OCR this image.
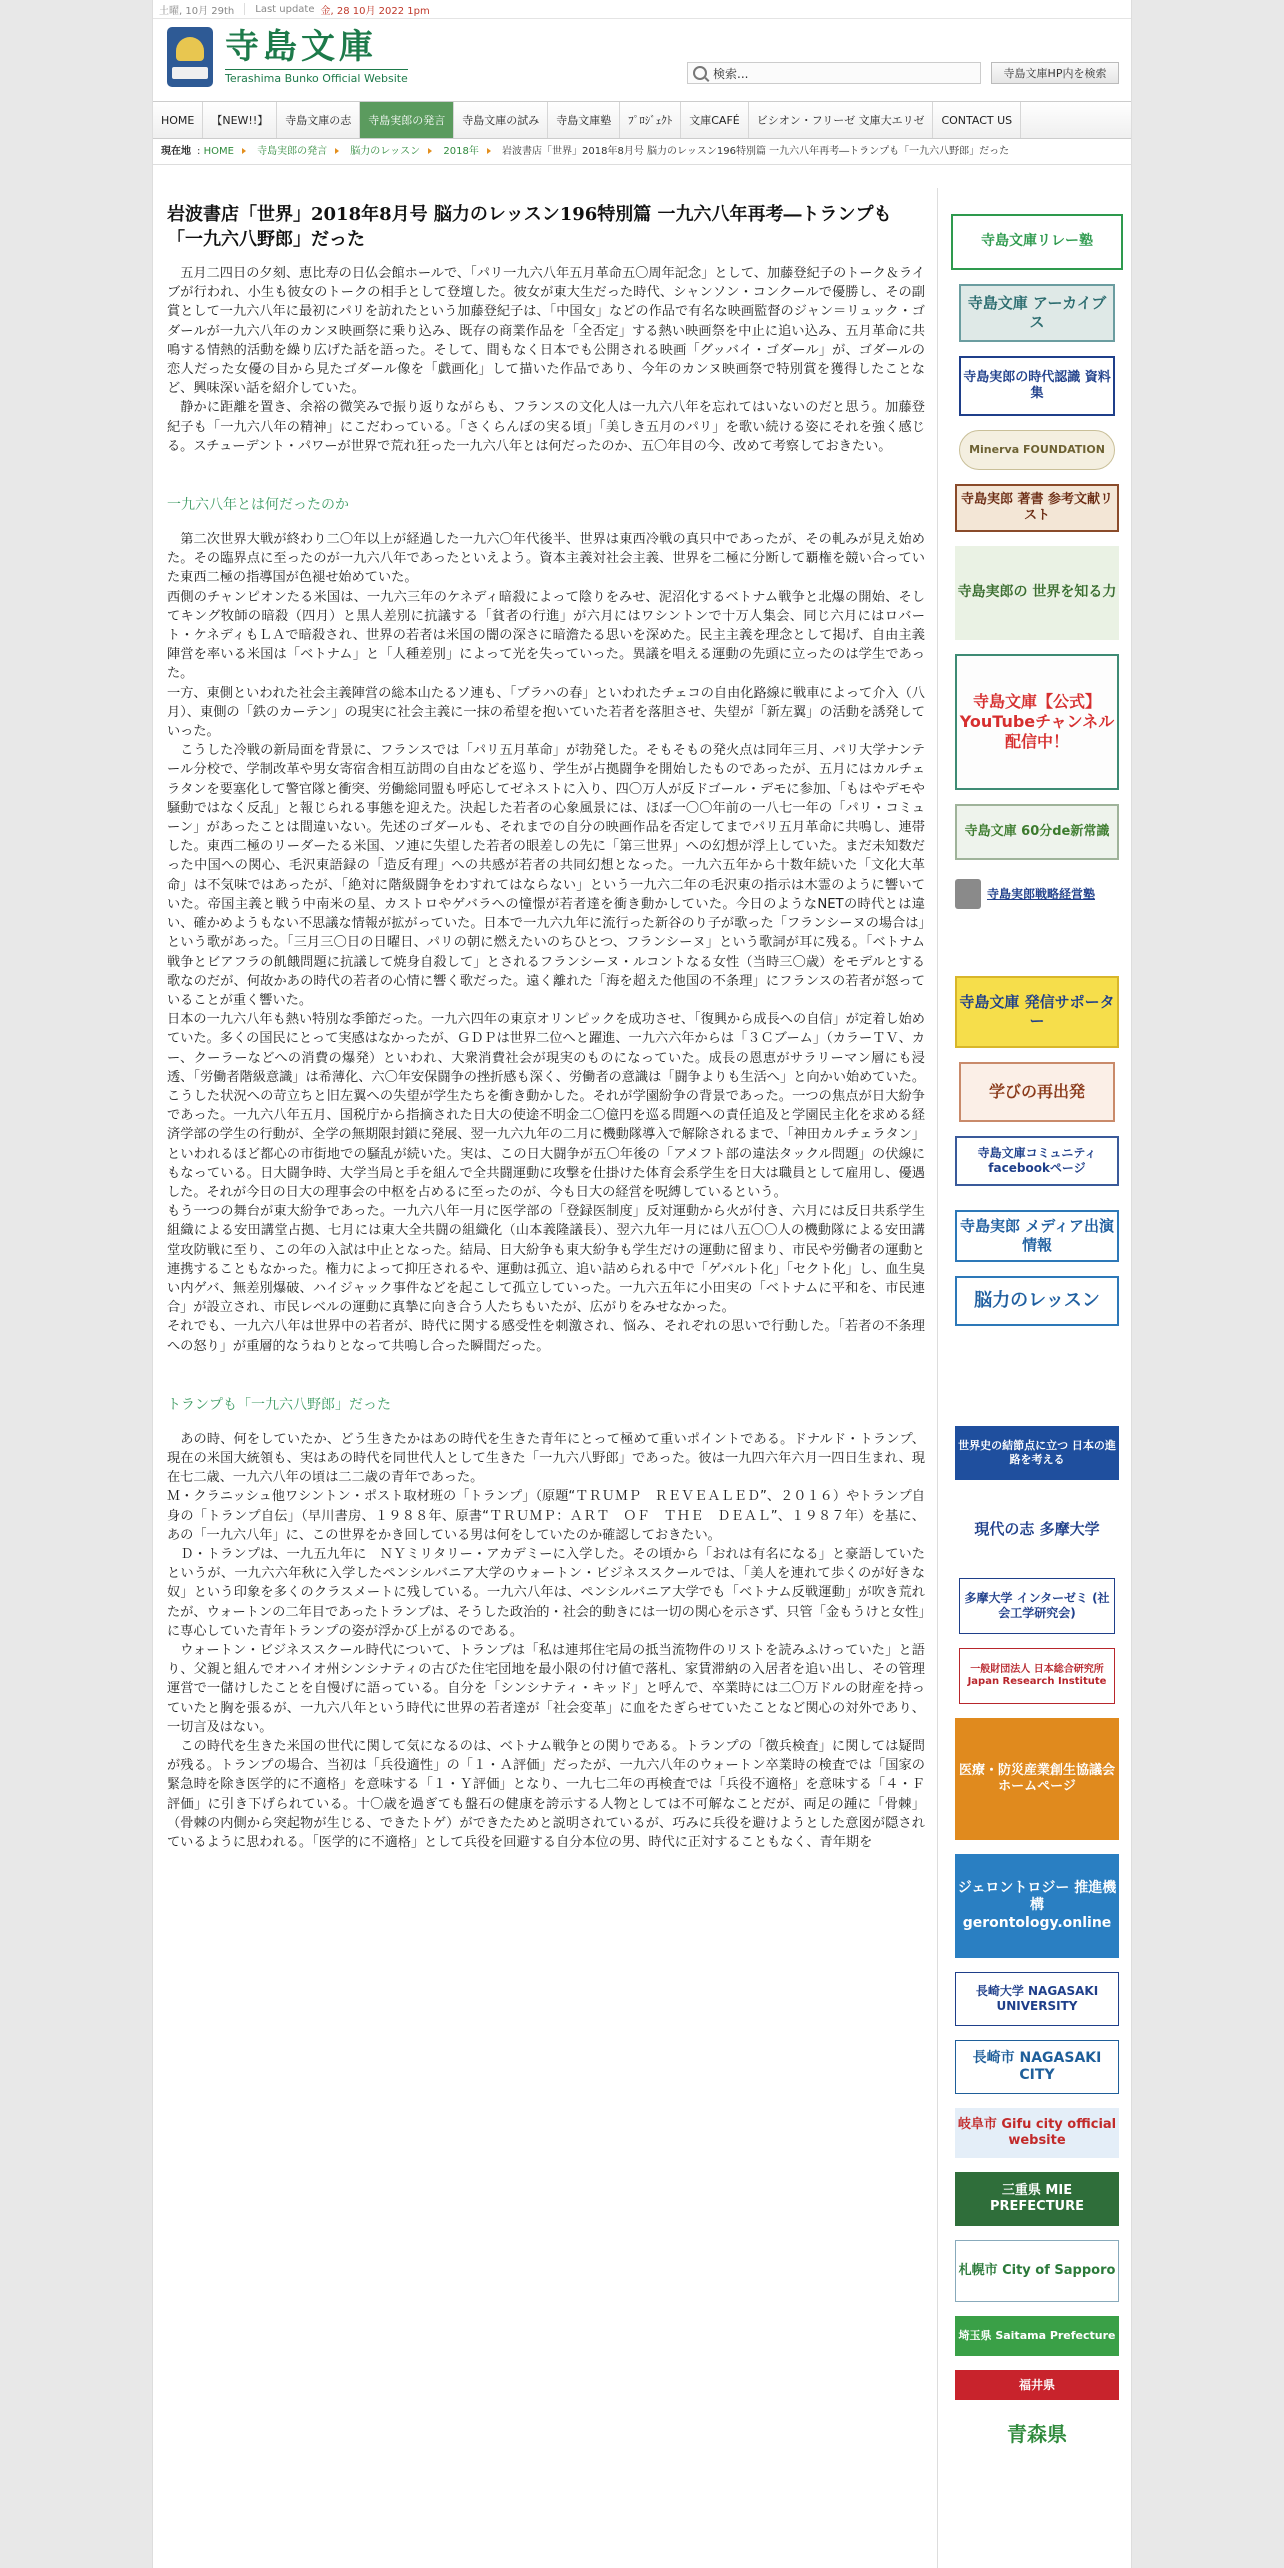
土曜, 10月 29th Last update 金, 28 10月 2022 1pm
寺島文庫
Terashima Bunko Official Website	検索...	寺島文庫HP内を検索
HOME	【NEW!!】	寺島文庫の志	寺島実郎の発言	寺島文庫の試み	寺島文庫塾	ﾌﾟﾛｼﾞｪｸﾄ	文庫CAFÉ	ビシオン・フリーゼ 文庫大エリゼ	CONTACT US
現在地 : HOME 寺島実郎の発言 脳力のレッスン 2018年 岩波書店「世界」2018年8月号 脳力のレッスン196特別篇 一九六八年再考―トランプも「一九六八野郎」だった
岩波書店「世界」2018年8月号 脳力のレッスン196特別篇 一九六八年再考―トランプも「一九六八野郎」だった

五月二四日の夕刻、恵比寿の日仏会館ホールで、「パリ一九六八年五月革命五〇周年記念」として、加藤登紀子のトーク＆ライブが行われ、小生も彼女のトークの相手として登壇した。彼女が東大生だった時代、シャンソン・コンクールで優勝し、その副賞として一九六八年に最初にパリを訪れたという加藤登紀子は、「中国女」などの作品で有名な映画監督のジャン＝リュック・ゴダールが一九六八年のカンヌ映画祭に乗り込み、既存の商業作品を「全否定」する熱い映画祭を中止に追い込み、五月革命に共鳴する情熱的活動を繰り広げた話を語った。そして、間もなく日本でも公開される映画「グッバイ・ゴダール」が、ゴダールの恋人だった女優の目から見たゴダール像を「戯画化」して描いた作品であり、今年のカンヌ映画祭で特別賞を獲得したことなど、興味深い話を紹介していた。

静かに距離を置き、余裕の微笑みで振り返りながらも、フランスの文化人は一九六八年を忘れてはいないのだと思う。加藤登紀子も「一九六八年の精神」にこだわっている。「さくらんぼの実る頃」「美しき五月のパリ」を歌い続ける姿にそれを強く感じる。スチューデント・パワーが世界で荒れ狂った一九六八年とは何だったのか、五〇年目の今、改めて考察しておきたい。

一九六八年とは何だったのか

第二次世界大戦が終わり二〇年以上が経過した一九六〇年代後半、世界は東西冷戦の真只中であったが、その軋みが見え始めた。その臨界点に至ったのが一九六八年であったといえよう。資本主義対社会主義、世界を二極に分断して覇権を競い合っていた東西二極の指導国が色褪せ始めていた。

西側のチャンピオンたる米国は、一九六三年のケネディ暗殺によって陰りをみせ、泥沼化するベトナム戦争と北爆の開始、そしてキング牧師の暗殺（四月）と黒人差別に抗議する「貧者の行進」が六月にはワシントンで十万人集会、同じ六月にはロバート・ケネディもＬＡで暗殺され、世界の若者は米国の闇の深さに暗澹たる思いを深めた。民主主義を理念として掲げ、自由主義陣営を率いる米国は「ベトナム」と「人種差別」によって光を失っていった。異議を唱える運動の先頭に立ったのは学生であった。

一方、東側といわれた社会主義陣営の総本山たるソ連も、「プラハの春」といわれたチェコの自由化路線に戦車によって介入（八月）、東側の「鉄のカーテン」の現実に社会主義に一抹の希望を抱いていた若者を落胆させ、失望が「新左翼」の活動を誘発していった。

こうした冷戦の新局面を背景に、フランスでは「パリ五月革命」が勃発した。そもそもの発火点は同年三月、パリ大学ナンテール分校で、学制改革や男女寄宿舎相互訪問の自由などを巡り、学生が占拠闘争を開始したものであったが、五月にはカルチェラタンを要塞化して警官隊と衝突、労働総同盟も呼応してゼネストに入り、四〇万人が反ドゴール・デモに参加、「もはやデモや騒動ではなく反乱」と報じられる事態を迎えた。決起した若者の心象風景には、ほぼ一〇〇年前の一八七一年の「パリ・コミューン」があったことは間違いない。先述のゴダールも、それまでの自分の映画作品を否定してまでパリ五月革命に共鳴し、連帯した。東西二極のリーダーたる米国、ソ連に失望した若者の眼差しの先に「第三世界」への幻想が浮上していた。まだ未知数だった中国への関心、毛沢東語録の「造反有理」への共感が若者の共同幻想となった。一九六五年から十数年続いた「文化大革命」は不気味ではあったが、「絶対に階級闘争をわすれてはならない」という一九六二年の毛沢東の指示は木霊のように響いていた。帝国主義と戦う中南米の星、カストロやゲバラへの憧憬が若者達を衝き動かしていた。今日のようなNETの時代とは違い、確かめようもない不思議な情報が拡がっていた。日本で一九六九年に流行った新谷のり子が歌った「フランシーヌの場合は」という歌があった。「三月三〇日の日曜日、パリの朝に燃えたいのちひとつ、フランシーヌ」という歌詞が耳に残る。「ベトナム戦争とビアフラの飢餓問題に抗議して焼身自殺して」とされるフランシーヌ・ルコントなる女性（当時三〇歳）をモデルとする歌なのだが、何故かあの時代の若者の心情に響く歌だった。遠く離れた「海を超えた他国の不条理」にフランスの若者が怒っていることが重く響いた。

日本の一九六八年も熱い特別な季節だった。一九六四年の東京オリンピックを成功させ、「復興から成長への自信」が定着し始めていた。多くの国民にとって実感はなかったが、ＧＤＰは世界二位へと躍進、一九六六年からは「３Ｃブーム」（カラーＴＶ、カー、クーラーなどへの消費の爆発）といわれ、大衆消費社会が現実のものになっていた。成長の恩恵がサラリーマン層にも浸透、「労働者階級意識」は希薄化、六〇年安保闘争の挫折感も深く、労働者の意識は「闘争よりも生活へ」と向かい始めていた。こうした状況への苛立ちと旧左翼への失望が学生たちを衝き動かした。それが学園紛争の背景であった。一つの焦点が日大紛争であった。一九六八年五月、国税庁から指摘された日大の使途不明金二〇億円を巡る問題への責任追及と学園民主化を求める経済学部の学生の行動が、全学の無期限封鎖に発展、翌一九六九年の二月に機動隊導入で解除されるまで、「神田カルチェラタン」といわれるほど都心の市街地での騒乱が続いた。実は、この日大闘争が五〇年後の「アメフト部の違法タックル問題」の伏線にもなっている。日大闘争時、大学当局と手を組んで全共闘運動に攻撃を仕掛けた体育会系学生を日大は職員として雇用し、優遇した。それが今日の日大の理事会の中枢を占めるに至ったのが、今も日大の経営を呪縛しているという。

もう一つの舞台が東大紛争であった。一九六八年一月に医学部の「登録医制度」反対運動から火が付き、六月には反日共系学生組織による安田講堂占拠、七月には東大全共闘の組織化（山本義隆議長）、翌六九年一月には八五〇〇人の機動隊による安田講堂攻防戦に至り、この年の入試は中止となった。結局、日大紛争も東大紛争も学生だけの運動に留まり、市民や労働者の運動と連携することもなかった。権力によって抑圧されるや、運動は孤立、追い詰められる中で「ゲバルト化」「セクト化」し、血生臭い内ゲバ、無差別爆破、ハイジャック事件などを起こして孤立していった。一九六五年に小田実の「ベトナムに平和を、市民連合」が設立され、市民レベルの運動に真摯に向き合う人たちもいたが、広がりをみせなかった。

それでも、一九六八年は世界中の若者が、時代に関する感受性を刺激され、悩み、それぞれの思いで行動した。「若者の不条理への怒り」が重層的なうねりとなって共鳴し合った瞬間だった。

トランプも「一九六八野郎」だった

あの時、何をしていたか、どう生きたかはあの時代を生きた青年にとって極めて重いポイントである。ドナルド・トランプ、現在の米国大統領も、実はあの時代を同世代人として生きた「一九六八野郎」であった。彼は一九四六年六月一四日生まれ、現在七二歳、一九六八年の頃は二二歳の青年であった。

Ｍ・クラニッシュ他ワシントン・ポスト取材班の「トランプ」（原題“ＴＲＵＭＰ　ＲＥＶＥＡＬＥＤ”、２０１６）やトランプ自身の「トランプ自伝」（早川書房、１９８８年、原書“ＴＲＵＭＰ：ＡＲＴ　ＯＦ　ＴＨＥ　ＤＥＡＬ”、１９８７年）を基に、あの「一九六八年」に、この世界をかき回している男は何をしていたのか確認しておきたい。

Ｄ・トランプは、一九五九年に　ＮＹミリタリー・アカデミーに入学した。その頃から「おれは有名になる」と豪語していたというが、一九六六年秋に入学したペンシルバニア大学のウォートン・ビジネススクールでは、「美人を連れて歩くのが好きな奴」という印象を多くのクラスメートに残している。一九六八年は、ペンシルバニア大学でも「ベトナム反戦運動」が吹き荒れたが、ウォートンの二年目であったトランプは、そうした政治的・社会的動きには一切の関心を示さず、只管「金もうけと女性」に専心していた青年トランプの姿が浮かび上がるのである。

ウォートン・ビジネススクール時代について、トランプは「私は連邦住宅局の抵当流物件のリストを読みふけっていた」と語り、父親と組んでオハイオ州シンシナティの古びた住宅団地を最小限の付け値で落札、家賃滞納の入居者を追い出し、その管理運営で一儲けしたことを自慢げに語っている。自分を「シンシナティ・キッド」と呼んで、卒業時には二〇万ドルの財産を持っていたと胸を張るが、一九六八年という時代に世界の若者達が「社会変革」に血をたぎらせていたことなど関心の対外であり、一切言及はない。

この時代を生きた米国の世代に関して気になるのは、ベトナム戦争との関りである。トランプの「徴兵検査」に関しては疑問が残る。トランプの場合、当初は「兵役適性」の「１・Ａ評価」だったが、一九六八年のウォートン卒業時の検査では「国家の緊急時を除き医学的に不適格」を意味する「１・Ｙ評価」となり、一九七二年の再検査では「兵役不適格」を意味する「４・Ｆ評価」に引き下げられている。十〇歳を過ぎても盤石の健康を誇示する人物としては不可解なことだが、両足の踵に「骨棘」（骨棘の内側から突起物が生じる、できたトゲ）ができたためと説明されているが、巧みに兵役を避けようとした意図が隠されているように思われる。「医学的に不適格」として兵役を回避する自分本位の男、時代に正対することもなく、青年期を

寺島文庫リレー塾
寺島文庫 アーカイブス
寺島実郎の時代認識 資料集
Minerva FOUNDATION
寺島実郎 著書 参考文献リスト
寺島実郎の 世界を知る力
寺島文庫【公式】 YouTubeチャンネル 配信中！
寺島文庫 60分de新常識
寺島実郎戦略経営塾
寺島文庫 発信サポーター
学びの再出発
寺島文庫コミュニティ facebookページ
寺島実郎 メディア出演情報
脳力のレッスン
世界史の結節点に立つ 日本の進路を考える
現代の志 多摩大学
多摩大学 インターゼミ (社会工学研究会)
一般財団法人 日本総合研究所 Japan Research Institute
医療・防災産業創生協議会 ホームページ
ジェロントロジー 推進機構 gerontology.online
長崎大学 NAGASAKI UNIVERSITY
長崎市 NAGASAKI CITY
岐阜市 Gifu city official website
三重県 MIE PREFECTURE
札幌市 City of Sapporo
埼玉県 Saitama Prefecture
福井県
青森県
